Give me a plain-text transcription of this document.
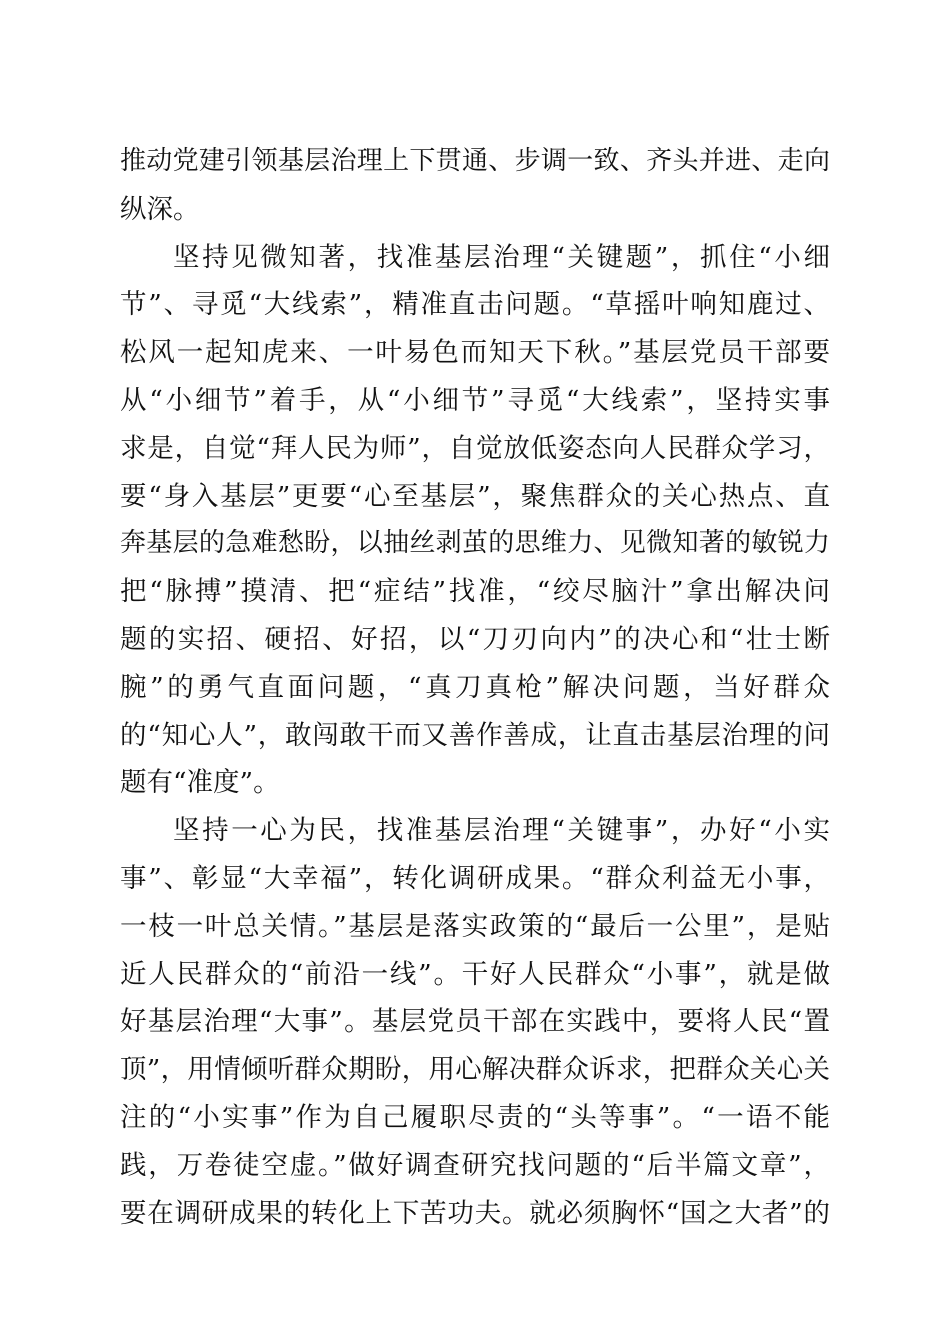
推动党建引领基层治理上下贯通、步调一致、齐头并进、走向
纵深。
坚持见微知著，找准基层治理“关键题”，抓住“小细
节”、寻觅“大线索”，精准直击问题。“草摇叶响知鹿过、
松风一起知虎来、一叶易色而知天下秋。”基层党员干部要
从“小细节”着手，从“小细节”寻觅“大线索”，坚持实事
求是，自觉“拜人民为师”，自觉放低姿态向人民群众学习，
要“身入基层”更要“心至基层”，聚焦群众的关心热点、直
奔基层的急难愁盼，以抽丝剥茧的思维力、见微知著的敏锐力
把“脉搏”摸清、把“症结”找准，“绞尽脑汁”拿出解决问
题的实招、硬招、好招，以“刀刃向内”的决心和“壮士断
腕”的勇气直面问题，“真刀真枪”解决问题，当好群众
的“知心人”，敢闯敢干而又善作善成，让直击基层治理的问
题有“准度”。
坚持一心为民，找准基层治理“关键事”，办好“小实
事”、彰显“大幸福”，转化调研成果。“群众利益无小事，
一枝一叶总关情。”基层是落实政策的“最后一公里”，是贴
近人民群众的“前沿一线”。干好人民群众“小事”，就是做
好基层治理“大事”。基层党员干部在实践中，要将人民“置
顶”，用情倾听群众期盼，用心解决群众诉求，把群众关心关
注的“小实事”作为自己履职尽责的“头等事”。“一语不能
践，万卷徒空虚。”做好调查研究找问题的“后半篇文章”，
要在调研成果的转化上下苦功夫。就必须胸怀“国之大者”的
